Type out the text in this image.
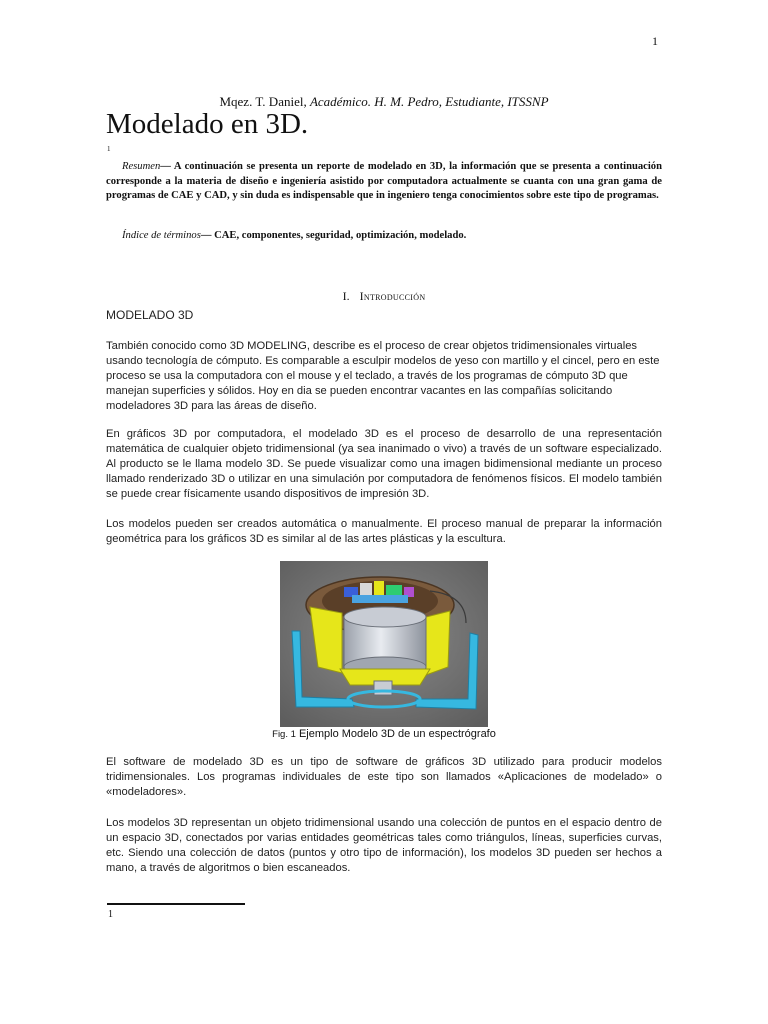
1
Mqez. T. Daniel, Académico. H. M. Pedro, Estudiante, ITSSNP
Modelado en 3D.
1

Resumen— A continuación se presenta un reporte de modelado en 3D, la información que se presenta a continuación corresponde a la materia de diseño e ingeniería asistido por computadora actualmente se cuanta con una gran gama de programas de CAE y CAD, y sin duda es indispensable que in ingeniero tenga conocimientos sobre este tipo de programas.

Índice de términos— CAE, componentes, seguridad, optimización, modelado.

I. Introducción

MODELADO 3D

También conocido como 3D MODELING, describe es el proceso de crear objetos tridimensionales virtuales usando tecnología de cómputo. Es comparable a esculpir modelos de yeso con martillo y el cincel, pero en este proceso se usa la computadora con el mouse y el teclado, a través de los programas de cómputo 3D que manejan superficies y sólidos. Hoy en dia se pueden encontrar vacantes en las compañías solicitando modeladores 3D para las áreas de diseño.

En gráficos 3D por computadora, el modelado 3D es el proceso de desarrollo de una representación matemática de cualquier objeto tridimensional (ya sea inanimado o vivo) a través de un software especializado. Al producto se le llama modelo 3D. Se puede visualizar como una imagen bidimensional mediante un proceso llamado renderizado 3D o utilizar en una simulación por computadora de fenómenos físicos. El modelo también se puede crear físicamente usando dispositivos de impresión 3D.

Los modelos pueden ser creados automática o manualmente. El proceso manual de preparar la información geométrica para los gráficos 3D es similar al de las artes plásticas y la escultura.

Fig. 1 Ejemplo Modelo 3D de un espectrógrafo

El software de modelado 3D es un tipo de software de gráficos 3D utilizado para producir modelos tridimensionales. Los programas individuales de este tipo son llamados «Aplicaciones de modelado» o «modeladores».

Los modelos 3D representan un objeto tridimensional usando una colección de puntos en el espacio dentro de un espacio 3D, conectados por varias entidades geométricas tales como triángulos, líneas, superficies curvas, etc. Siendo una colección de datos (puntos y otro tipo de información), los modelos 3D pueden ser hechos a mano, a través de algoritmos o bien escaneados.

1
